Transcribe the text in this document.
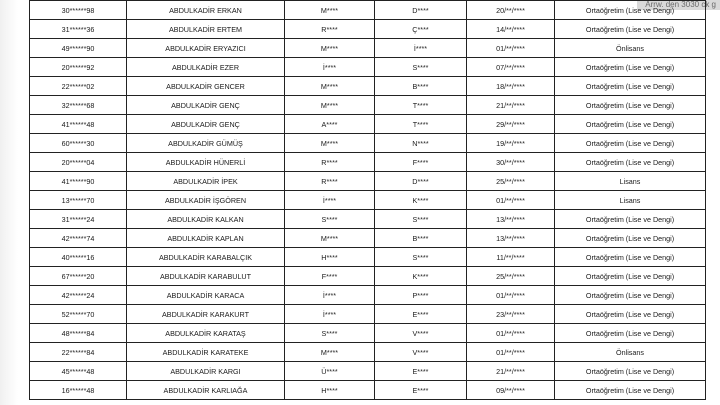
Arrw. den 3030 ck g
30******98	ABDULKADİR ERKAN	M****	D****	20/**/****	Ortaöğretim (Lise ve Dengi)
31******36	ABDULKADİR ERTEM	R****	Ç****	14/**/****	Ortaöğretim (Lise ve Dengi)
49******90	ABDULKADİR ERYAZICI	M****	İ****	01/**/****	Önlisans
20******92	ABDULKADİR EZER	İ****	S****	07/**/****	Ortaöğretim (Lise ve Dengi)
22******02	ABDULKADİR GENCER	M****	B****	18/**/****	Ortaöğretim (Lise ve Dengi)
32******68	ABDULKADİR GENÇ	M****	T****	21/**/****	Ortaöğretim (Lise ve Dengi)
41******48	ABDULKADİR GENÇ	A****	T****	29/**/****	Ortaöğretim (Lise ve Dengi)
60******30	ABDULKADİR GÜMÜŞ	M****	N****	19/**/****	Ortaöğretim (Lise ve Dengi)
20******04	ABDULKADİR HÜNERLİ	R****	F****	30/**/****	Ortaöğretim (Lise ve Dengi)
41******90	ABDULKADİR İPEK	R****	D****	25/**/****	Lisans
13******70	ABDULKADİR İŞGÖREN	İ****	K****	01/**/****	Lisans
31******24	ABDULKADİR KALKAN	S****	S****	13/**/****	Ortaöğretim (Lise ve Dengi)
42******74	ABDULKADİR KAPLAN	M****	B****	13/**/****	Ortaöğretim (Lise ve Dengi)
40******16	ABDULKADİR KARABALÇIK	H****	S****	11/**/****	Ortaöğretim (Lise ve Dengi)
67******20	ABDULKADİR KARABULUT	F****	K****	25/**/****	Ortaöğretim (Lise ve Dengi)
42******24	ABDULKADİR KARACA	İ****	P****	01/**/****	Ortaöğretim (Lise ve Dengi)
52******70	ABDULKADİR KARAKURT	İ****	E****	23/**/****	Ortaöğretim (Lise ve Dengi)
48******84	ABDULKADİR KARATAŞ	S****	V****	01/**/****	Ortaöğretim (Lise ve Dengi)
22******84	ABDULKADİR KARATEKE	M****	V****	01/**/****	Önlisans
45******48	ABDULKADİR KARGI	Ü****	E****	21/**/****	Ortaöğretim (Lise ve Dengi)
16******48	ABDULKADİR KARLIAĞA	H****	E****	09/**/****	Ortaöğretim (Lise ve Dengi)
